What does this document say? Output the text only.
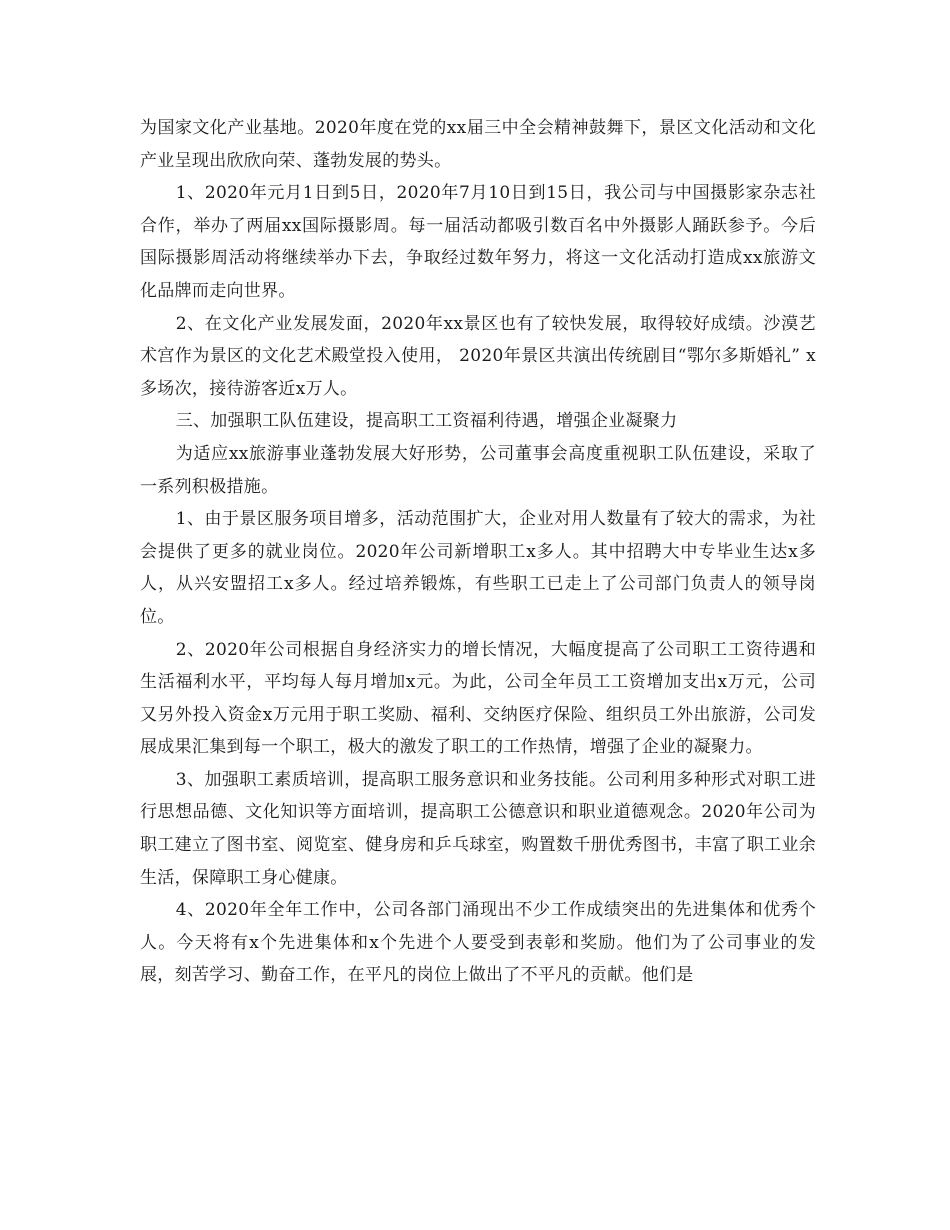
为国家文化产业基地。2020年度在党的xx届三中全会精神鼓舞下，景区文化活动和文化产业呈现出欣欣向荣、蓬勃发展的势头。

1、2020年元月1日到5日，2020年7月10日到15日，我公司与中国摄影家杂志社合作，举办了两届xx国际摄影周。每一届活动都吸引数百名中外摄影人踊跃参予。今后国际摄影周活动将继续举办下去，争取经过数年努力，将这一文化活动打造成xx旅游文化品牌而走向世界。

2、在文化产业发展发面，2020年xx景区也有了较快发展，取得较好成绩。沙漠艺术宫作为景区的文化艺术殿堂投入使用， 2020年景区共演出传统剧目“鄂尔多斯婚礼” x多场次，接待游客近x万人。

三、加强职工队伍建设，提高职工工资福利待遇，增强企业凝聚力

为适应xx旅游事业蓬勃发展大好形势，公司董事会高度重视职工队伍建设，采取了一系列积极措施。

1、由于景区服务项目增多，活动范围扩大，企业对用人数量有了较大的需求，为社会提供了更多的就业岗位。2020年公司新增职工x多人。其中招聘大中专毕业生达x多人，从兴安盟招工x多人。经过培养锻炼，有些职工已走上了公司部门负责人的领导岗位。

2、2020年公司根据自身经济实力的增长情况，大幅度提高了公司职工工资待遇和生活福利水平，平均每人每月增加x元。为此，公司全年员工工资增加支出x万元，公司又另外投入资金x万元用于职工奖励、福利、交纳医疗保险、组织员工外出旅游，公司发展成果汇集到每一个职工，极大的激发了职工的工作热情，增强了企业的凝聚力。

3、加强职工素质培训，提高职工服务意识和业务技能。公司利用多种形式对职工进行思想品德、文化知识等方面培训，提高职工公德意识和职业道德观念。2020年公司为职工建立了图书室、阅览室、健身房和乒乓球室，购置数千册优秀图书，丰富了职工业余生活，保障职工身心健康。

4、2020年全年工作中，公司各部门涌现出不少工作成绩突出的先进集体和优秀个人。今天将有x个先进集体和x个先进个人要受到表彰和奖励。他们为了公司事业的发展，刻苦学习、勤奋工作，在平凡的岗位上做出了不平凡的贡献。他们是
